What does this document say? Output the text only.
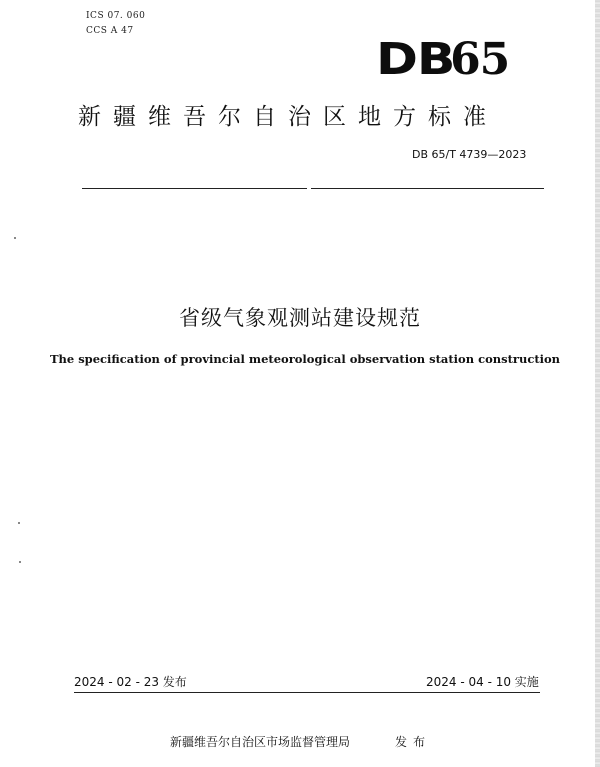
ICS 07. 060
CCS A 47
DB65
新疆维吾尔自治区地方标准
DB 65/T 4739—2023
省级气象观测站建设规范
The specification of provincial meteorological observation station construction
2024 - 02 - 23 发布	2024 - 04 - 10 实施
新疆维吾尔自治区市场监督管理局	发布
